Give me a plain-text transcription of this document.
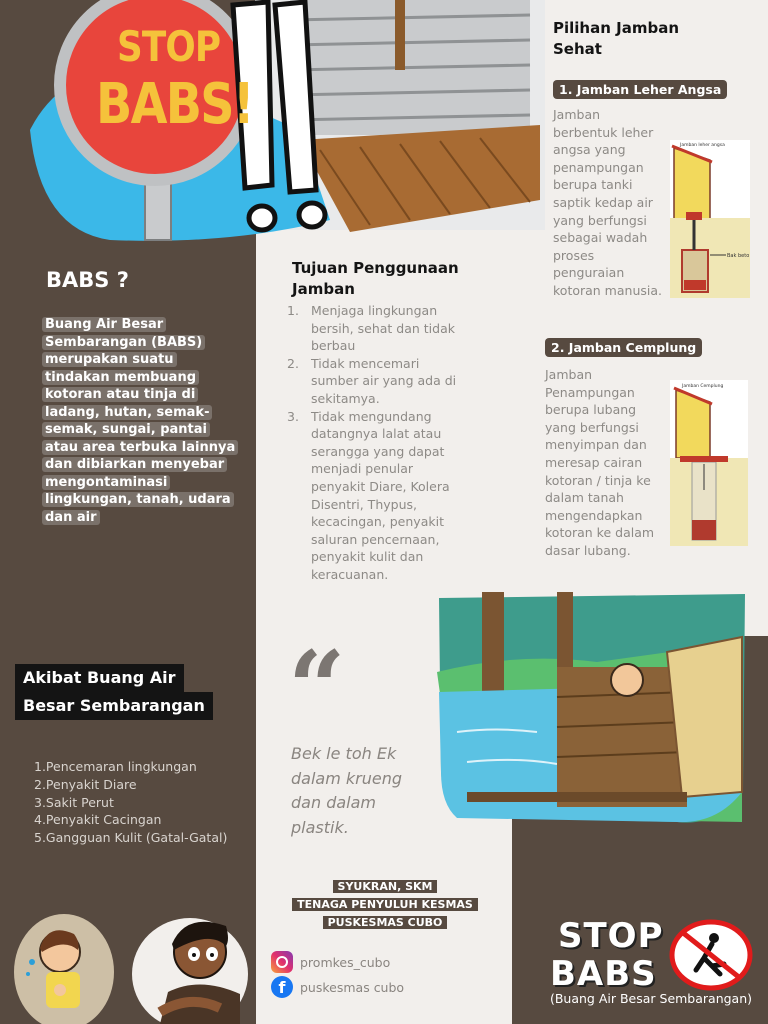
STOP
BABS!
BABS ?
Buang Air Besar Sembarangan (BABS) merupakan suatu tindakan membuang kotoran atau tinja di ladang, hutan, semak-semak, sungai, pantai atau area terbuka lainnya dan dibiarkan menyebar mengontaminasi lingkungan, tanah, udara dan air
Tujuan Penggunaan Jamban
1. Menjaga lingkungan bersih, sehat dan tidak berbau
2. Tidak mencemari sumber air yang ada di sekitamya.
3. Tidak mengundang datangnya lalat atau serangga yang dapat menjadi penular penyakit Diare, Kolera Disentri, Thypus, kecacingan, penyakit saluran pencernaan, penyakit kulit dan keracuanan.
Pilihan Jamban Sehat
1. Jamban Leher Angsa
Jamban berbentuk leher angsa yang penampungan berupa tanki saptik kedap air yang berfungsi sebagai wadah proses penguraian kotoran manusia.
Jamban leher angsa
Bak beto
2. Jamban Cemplung
Jamban Penampungan berupa lubang yang berfungsi menyimpan dan meresap cairan kotoran / tinja ke dalam tanah mengendapkan kotoran ke dalam dasar lubang.
Jamban Cemplung
Akibat Buang Air
Besar Sembarangan
1.Pencemaran lingkungan
2.Penyakit Diare
3.Sakit Perut
4.Penyakit Cacingan
5.Gangguan Kulit (Gatal-Gatal)
“
Bek le toh Ek dalam krueng dan dalam plastik.
SYUKRAN, SKM
TENAGA PENYULUH KESMAS
PUSKESMAS CUBO
promkes_cubo
f	puskesmas cubo
STOP
BABS
(Buang Air Besar Sembarangan)
